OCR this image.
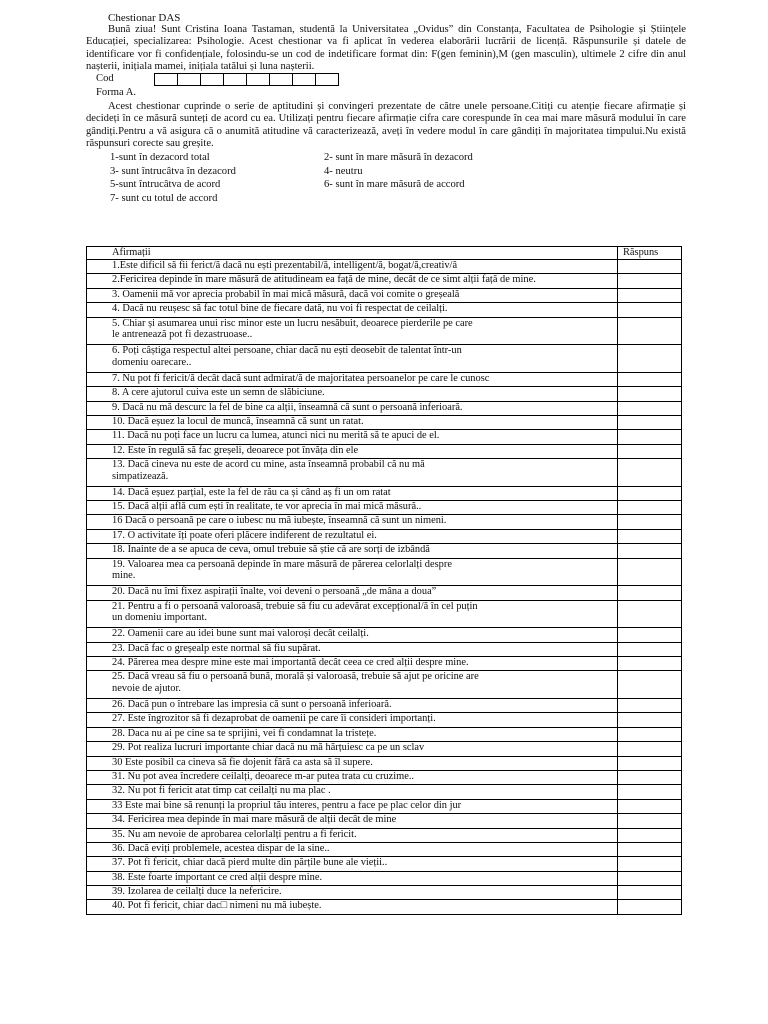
Chestionar DAS
Bună ziua! Sunt Cristina Ioana Tastaman, studentă la Universitatea „Ovidus” din Constanța, Facultatea de Psihologie și Științele Educației, specializarea: Psihologie. Acest chestionar va fi aplicat în vederea elaborării lucrării de licență. Răspunsurile și datele de identificare vor fi confidențiale, folosindu-se un cod de indetificare format din: F(gen feminin),M (gen masculin), ultimele 2 cifre din anul nașterii, inițiala mamei, inițiala tatălui și luna nașterii.
Cod
Forma A.
Acest chestionar cuprinde o serie de aptitudini și convingeri prezentate de către unele persoane.Citiți cu atenție fiecare afirmație și decideți în ce măsură sunteți de acord cu ea. Utilizați pentru fiecare afirmație cifra care corespunde în cea mai mare măsură modului în care gândiți.Pentru a vă asigura că o anumită atitudine vă caracterizează, aveți în vedere modul în care gândiți în majoritatea timpului.Nu există răspunsuri corecte sau greșite.
1-sunt în dezacord total	2- sunt în mare măsură în dezacord
3- sunt întrucâtva în dezacord	4- neutru
5-sunt întrucâtva de acord	6- sunt în mare măsură de accord
7- sunt cu totul de accord
Afirmații	Răspuns

1.Este dificil să fii ferict/ă dacă nu ești prezentabil/ă, intelligent/ă, bogat/ă,creativ/ă	

2.Fericirea depinde în mare măsură de atitudineam ea față de mine, decât de ce simt alții față de mine.	

3. Oamenii mă vor aprecia probabil în mai mică măsură, dacă voi comite o greșeală	

4. Dacă nu reușesc să fac totul bine de fiecare dată, nu voi fi respectat de ceilalți.	

5. Chiar și asumarea unui risc minor este un lucru nesăbuit, deoarece pierderile pe care
le antrenează pot fi dezastruoase..	

6. Poți câștiga respectul altei persoane, chiar dacă nu ești deosebit de talentat într-un
domeniu oarecare..	

7. Nu pot fi fericit/ă decât dacă sunt admirat/ă de majoritatea persoanelor pe care le cunosc	

8. A cere ajutorul cuiva este un semn de slăbiciune.	

9. Dacă nu mă descurc la fel de bine ca alții, înseamnă că sunt o persoană inferioară.	

10. Dacă eșuez la locul de muncă, înseamnă că sunt un ratat.	

11. Dacă nu poți face un lucru ca lumea, atunci nici nu merită să te apuci de el.	

12. Este în regulă să fac greșeli, deoarece pot învăța din ele	

13. Dacă cineva nu este de acord cu mine, asta înseamnă probabil că nu mă
simpatizează.	

14. Dacă eșuez parțial, este la fel de rău ca și când aș fi un om ratat	

15. Dacă alții află cum ești în realitate, te vor aprecia în mai mică măsură..	

16 Dacă o persoană pe care o iubesc nu mă iubește, înseamnă că sunt un nimeni.	

17. O activitate îți poate oferi plăcere indiferent de rezultatul ei.	

18. Înainte de a se apuca de ceva, omul trebuie să știe că are sorți de izbândă	

19. Valoarea mea ca persoană depinde în mare măsură de părerea celorlalți despre
mine.	

20. Dacă nu îmi fixez aspirații înalte, voi deveni o persoană „de mâna a doua”	

21. Pentru a fi o persoană valoroasă, trebuie să fiu cu adevărat excepțional/ă în cel puțin
un domeniu important.	

22. Oamenii care au idei bune sunt mai valoroși decât ceilalți.	

23. Dacă fac o greșealp este normal să fiu supărat.	

24. Părerea mea despre mine este mai importantă decât ceea ce cred alții despre mine.	

25. Dacă vreau să fiu o persoană bună, morală și valoroasă, trebuie să ajut pe oricine are
nevoie de ajutor.	

26. Dacă pun o întrebare las impresia că sunt o persoană inferioară.	

27. Este îngrozitor să fi dezaprobat de oamenii pe care îi consideri importanți.	

28. Daca nu ai pe cine sa te sprijini, vei fi condamnat la tristețe.	

29. Pot realiza lucruri importante chiar dacă nu mă hărțuiesc ca pe un sclav	

30 Este posibil ca cineva să fie dojenit fără ca asta să îl supere.	

31. Nu pot avea încredere ceilalți, deoarece m-ar putea trata cu cruzime..	

32. Nu pot fi fericit atat timp cat ceilalți nu ma plac .	

33 Este mai bine să renunți la propriul tău interes, pentru a face pe plac celor din jur	

34. Fericirea mea depinde în mai mare măsură de alții decât de mine	

35. Nu am nevoie de aprobarea celorlalți pentru a fi fericit.	

36. Dacă eviți problemele, acestea dispar de la sine..	

37. Pot fi fericit, chiar dacă pierd multe din părțile bune ale vieții..	

38. Este foarte important ce cred alții despre mine.	

39. Izolarea de ceilalți duce la nefericire.	

40. Pot fi fericit, chiar dac□ nimeni nu mă iubește.	
